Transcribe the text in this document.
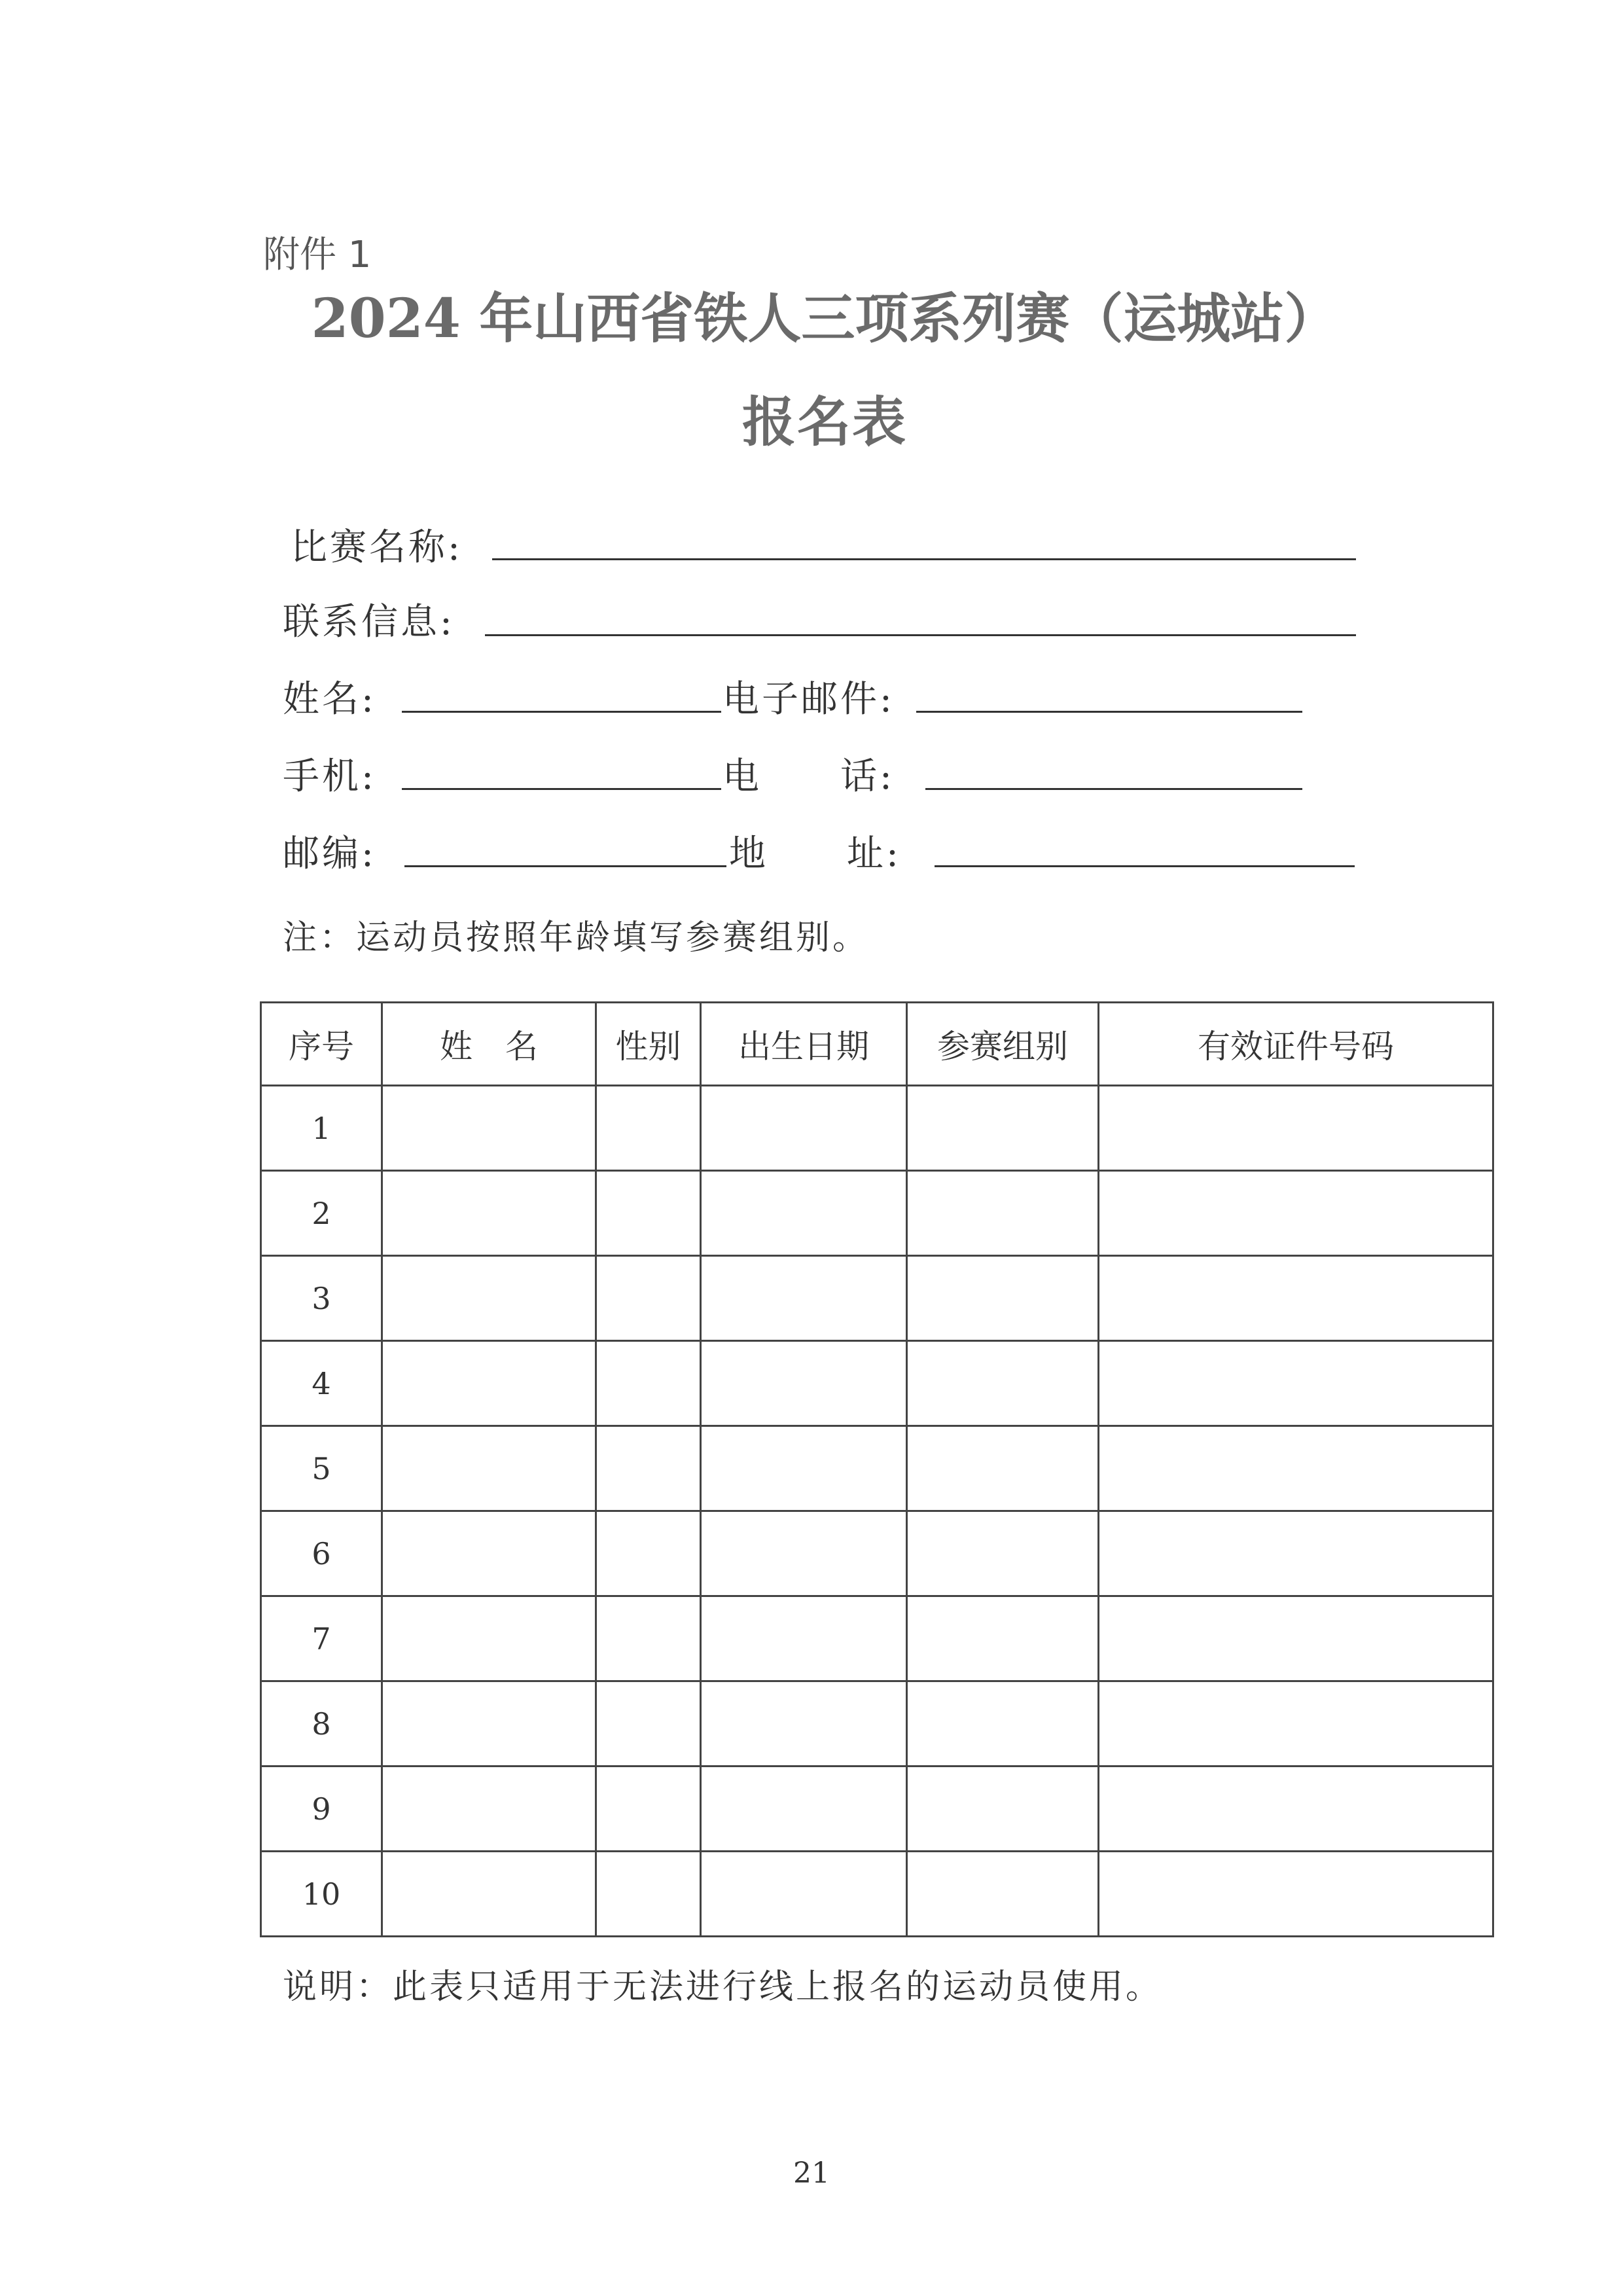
附件 1
2024 年山西省铁人三项系列赛（运城站）
报名表
比赛名称:
联系信息:
姓名:	电子邮件:
手机:	电　　话:
邮编:	地　　址:
注：运动员按照年龄填写参赛组别。
序号	姓　名	性别	出生日期	参赛组别	有效证件号码
1					
2					
3					
4					
5					
6					
7					
8					
9					
10					
说明：此表只适用于无法进行线上报名的运动员使用。
21
